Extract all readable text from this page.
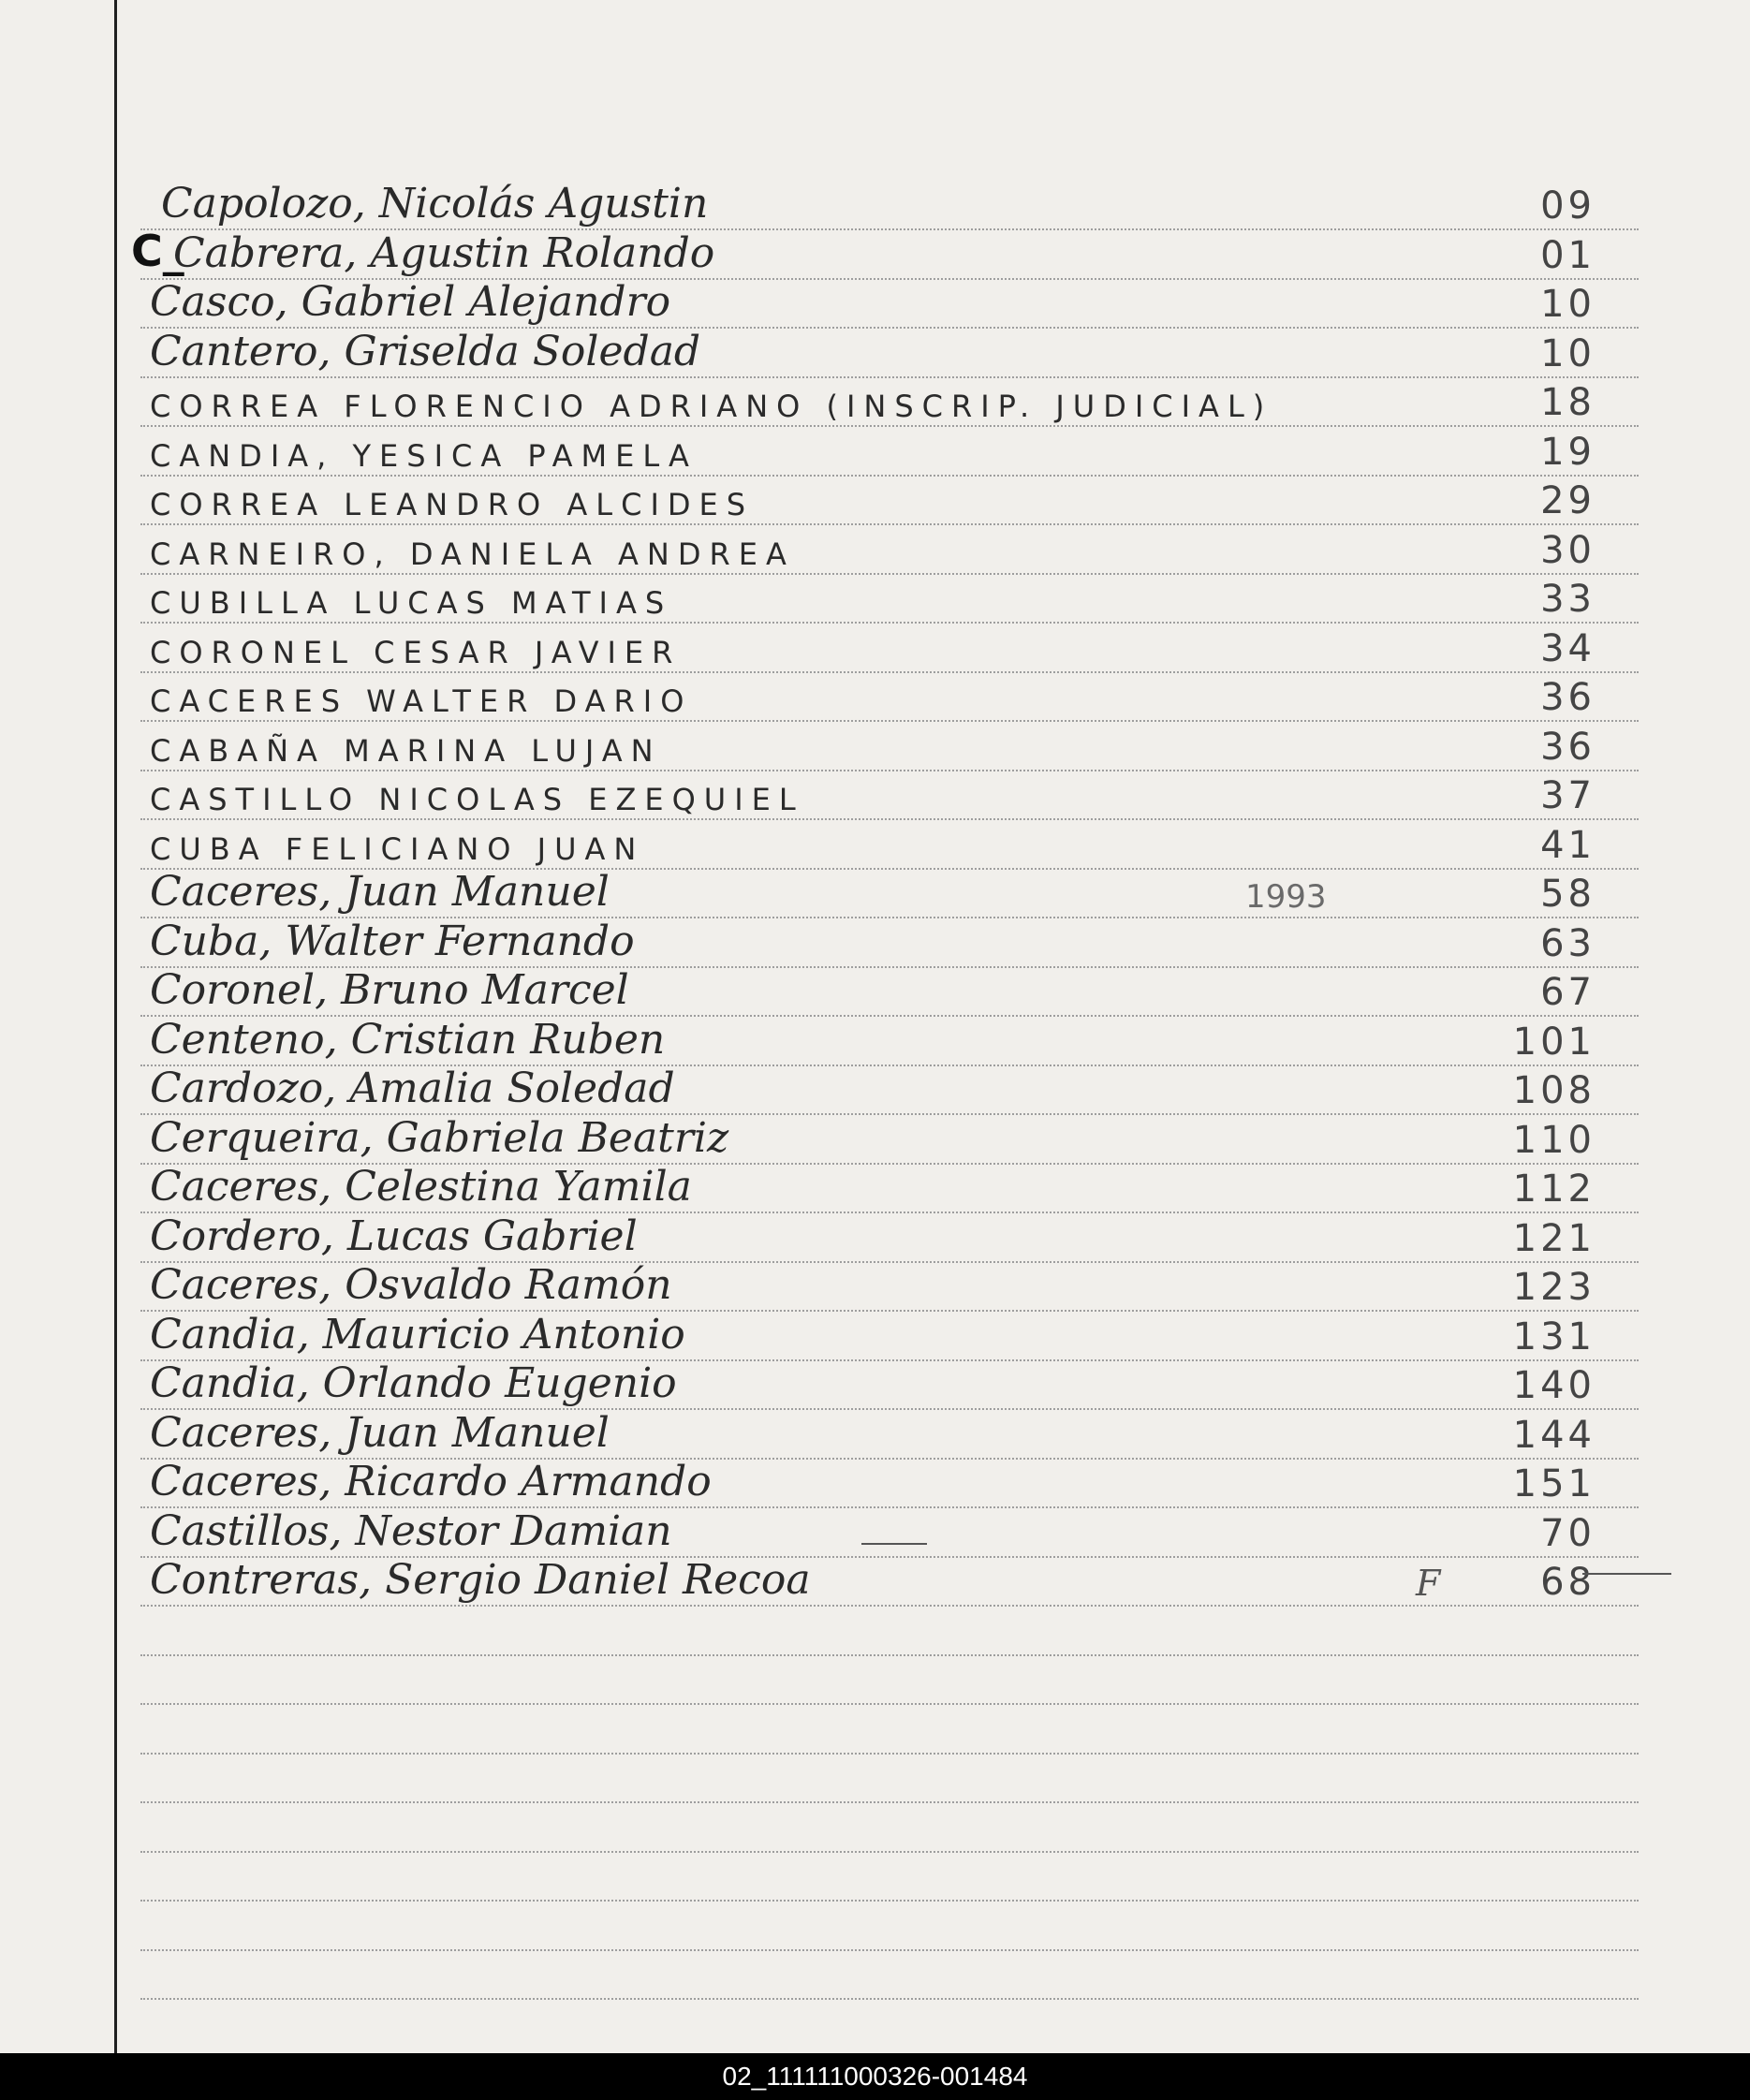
Capolozo, Nicolás Agustin	09
C_
Cabrera, Agustin Rolando	01
Casco, Gabriel Alejandro	10
Cantero, Griselda Soledad	10
CORREA FLORENCIO ADRIANO (INSCRIP. JUDICIAL)	18
CANDIA, YESICA PAMELA	19
CORREA LEANDRO ALCIDES	29
CARNEIRO, DANIELA ANDREA	30
CUBILLA LUCAS MATIAS	33
CORONEL CESAR JAVIER	34
CACERES WALTER DARIO	36
CABAÑA MARINA LUJAN	36
CASTILLO NICOLAS EZEQUIEL	37
CUBA FELICIANO JUAN	41
Caceres, Juan Manuel	1993	58
Cuba, Walter Fernando	63
Coronel, Bruno Marcel	67
Centeno, Cristian Ruben	101
Cardozo, Amalia Soledad	108
Cerqueira, Gabriela Beatriz	110
Caceres, Celestina Yamila	112
Cordero, Lucas Gabriel	121
Caceres, Osvaldo Ramón	123
Candia, Mauricio Antonio	131
Candia, Orlando Eugenio	140
Caceres, Juan Manuel	144
Caceres, Ricardo Armando	151
Castillos, Nestor Damian	70
Contreras, Sergio Daniel Recoa	F	68
02_111111000326-001484
